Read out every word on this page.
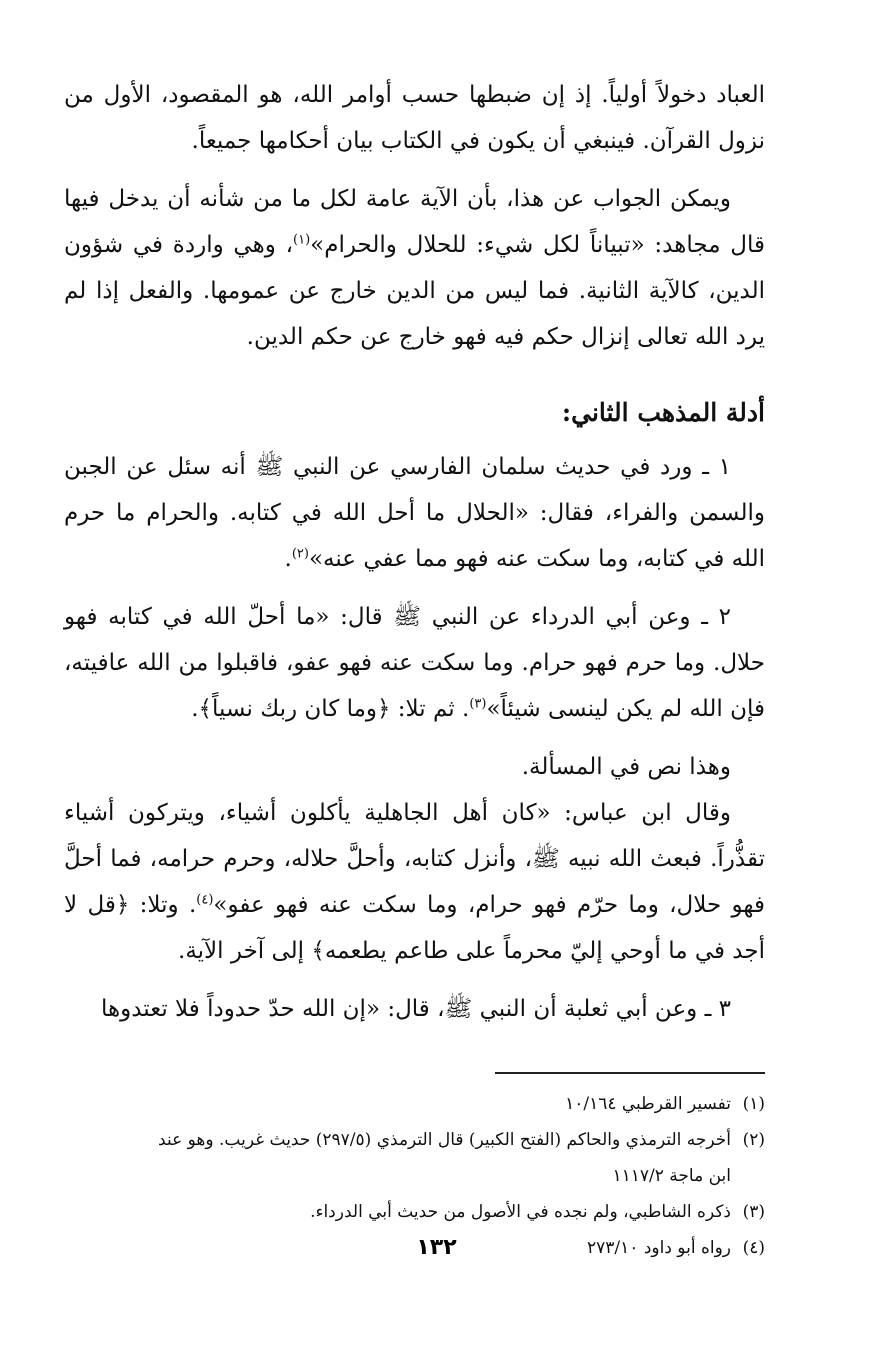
العباد دخولاً أولياً. إذ إن ضبطها حسب أوامر الله، هو المقصود، الأول من نزول القرآن. فينبغي أن يكون في الكتاب بيان أحكامها جميعاً.

ويمكن الجواب عن هذا، بأن الآية عامة لكل ما من شأنه أن يدخل فيها قال مجاهد: «تبياناً لكل شيء: للحلال والحرام»$^{(١)}$، وهي واردة في شؤون الدين، كالآية الثانية. فما ليس من الدين خارج عن عمومها. والفعل إذا لم يرد الله تعالى إنزال حكم فيه فهو خارج عن حكم الدين.

أدلة المذهب الثاني:

١ ـ ورد في حديث سلمان الفارسي عن النبي ﷺ أنه سئل عن الجبن والسمن والفراء، فقال: «الحلال ما أحل الله في كتابه. والحرام ما حرم الله في كتابه، وما سكت عنه فهو مما عفي عنه»$^{(٢)}$.

٢ ـ وعن أبي الدرداء عن النبي ﷺ قال: «ما أحلّ الله في كتابه فهو حلال. وما حرم فهو حرام. وما سكت عنه فهو عفو، فاقبلوا من الله عافيته، فإن الله لم يكن لينسى شيئاً»$^{(٣)}$. ثم تلا: ﴿وما كان ربك نسياً﴾.

وهذا نص في المسألة.

وقال ابن عباس: «كان أهل الجاهلية يأكلون أشياء، ويتركون أشياء تقذُّراً. فبعث الله نبيه ﷺ، وأنزل كتابه، وأحلَّ حلاله، وحرم حرامه، فما أحلَّ فهو حلال، وما حرّم فهو حرام، وما سكت عنه فهو عفو»$^{(٤)}$. وتلا: ﴿قل لا أجد في ما أوحي إليّ محرماً على طاعم يطعمه﴾ إلى آخر الآية.

٣ ـ وعن أبي ثعلبة أن النبي ﷺ، قال: «إن الله حدّ حدوداً فلا تعتدوها

(١)تفسير القرطبي ١٠/١٦٤

(٢)أخرجه الترمذي والحاكم (الفتح الكبير) قال الترمذي (٢٩٧/٥) حديث غريب. وهو عند

ابن ماجة ١١١٧/٢

(٣)ذكره الشاطبي، ولم نجده في الأصول من حديث أبي الدرداء.

(٤)رواه أبو داود ٢٧٣/١٠

١٣٢
